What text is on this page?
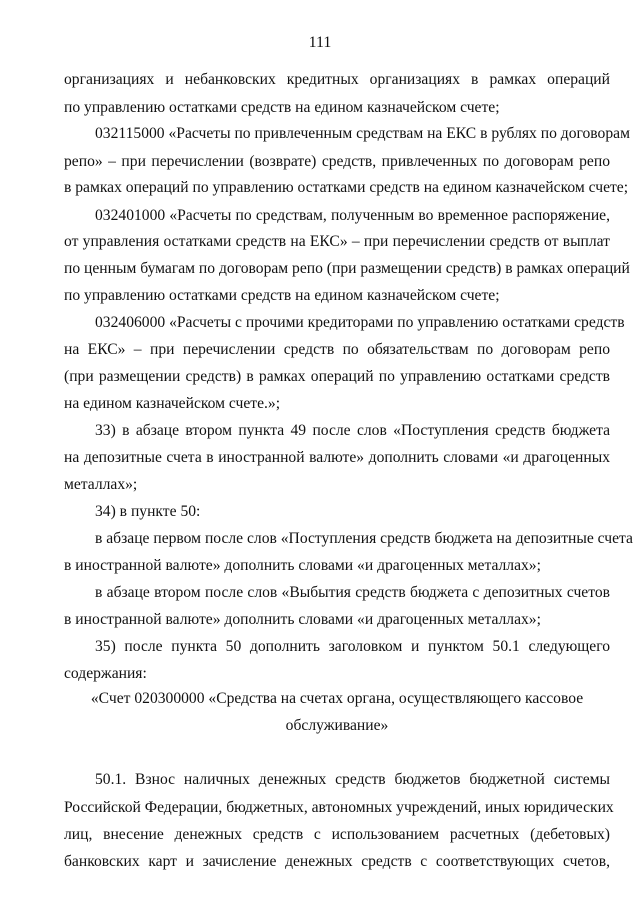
111
организациях и небанковских кредитных организациях в рамках операций
по управлению остатками средств на едином казначейском счете;
032115000 «Расчеты по привлеченным средствам на ЕКС в рублях по договорам
репо» – при перечислении (возврате) средств, привлеченных по договорам репо
в рамках операций по управлению остатками средств на едином казначейском счете;
032401000 «Расчеты по средствам, полученным во временное распоряжение,
от управления остатками средств на ЕКС» – при перечислении средств от выплат
по ценным бумагам по договорам репо (при размещении средств) в рамках операций
по управлению остатками средств на едином казначейском счете;
032406000 «Расчеты с прочими кредиторами по управлению остатками средств
на ЕКС» – при перечислении средств по обязательствам по договорам репо
(при размещении средств) в рамках операций по управлению остатками средств
на едином казначейском счете.»;
33) в абзаце втором пункта 49 после слов «Поступления средств бюджета
на депозитные счета в иностранной валюте» дополнить словами «и драгоценных
металлах»;
34) в пункте 50:
в абзаце первом после слов «Поступления средств бюджета на депозитные счета
в иностранной валюте» дополнить словами «и драгоценных металлах»;
в абзаце втором после слов «Выбытия средств бюджета с депозитных счетов
в иностранной валюте» дополнить словами «и драгоценных металлах»;
35) после пункта 50 дополнить заголовком и пунктом 50.1 следующего
содержания:
«Счет 020300000 «Средства на счетах органа, осуществляющего кассовое
обслуживание»
50.1. Взнос наличных денежных средств бюджетов бюджетной системы
Российской Федерации, бюджетных, автономных учреждений, иных юридических
лиц, внесение денежных средств с использованием расчетных (дебетовых)
банковских карт и зачисление денежных средств с соответствующих счетов,
